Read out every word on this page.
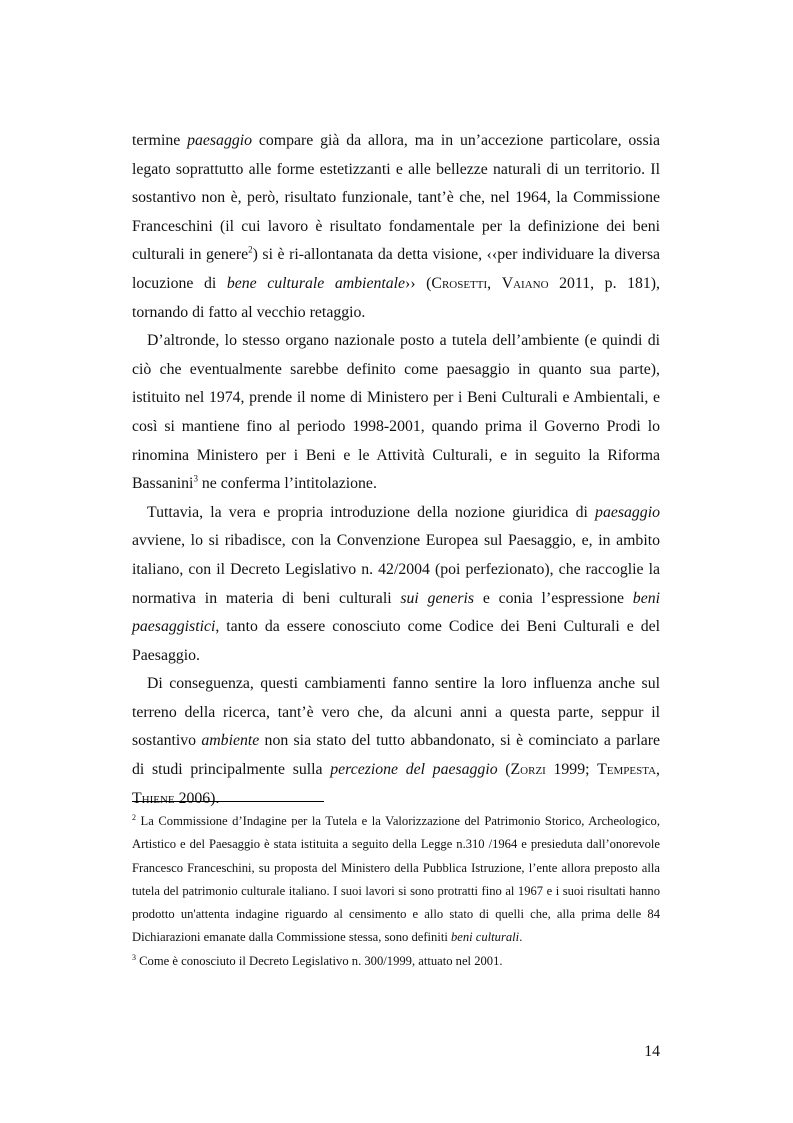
termine paesaggio compare già da allora, ma in un’accezione particolare, ossia legato soprattutto alle forme estetizzanti e alle bellezze naturali di un territorio. Il sostantivo non è, però, risultato funzionale, tant’è che, nel 1964, la Commissione Franceschini (il cui lavoro è risultato fondamentale per la definizione dei beni culturali in genere$^2$) si è ri-allontanata da detta visione, ‹‹per individuare la diversa locuzione di bene culturale ambientale›› (Crosetti, Vaiano 2011, p. 181), tornando di fatto al vecchio retaggio.

D’altronde, lo stesso organo nazionale posto a tutela dell’ambiente (e quindi di ciò che eventualmente sarebbe definito come paesaggio in quanto sua parte), istituito nel 1974, prende il nome di Ministero per i Beni Culturali e Ambientali, e così si mantiene fino al periodo 1998-2001, quando prima il Governo Prodi lo rinomina Ministero per i Beni e le Attività Culturali, e in seguito la Riforma Bassanini$^3$ ne conferma l’intitolazione.

Tuttavia, la vera e propria introduzione della nozione giuridica di paesaggio avviene, lo si ribadisce, con la Convenzione Europea sul Paesaggio, e, in ambito italiano, con il Decreto Legislativo n. 42/2004 (poi perfezionato), che raccoglie la normativa in materia di beni culturali sui generis e conia l’espressione beni paesaggistici, tanto da essere conosciuto come Codice dei Beni Culturali e del Paesaggio.

Di conseguenza, questi cambiamenti fanno sentire la loro influenza anche sul terreno della ricerca, tant’è vero che, da alcuni anni a questa parte, seppur il sostantivo ambiente non sia stato del tutto abbandonato, si è cominciato a parlare di studi principalmente sulla percezione del paesaggio (Zorzi 1999; Tempesta, Thiene 2006).

$^2$ La Commissione d’Indagine per la Tutela e la Valorizzazione del Patrimonio Storico, Archeologico, Artistico e del Paesaggio è stata istituita a seguito della Legge n.310 /1964 e presieduta dall’onorevole Francesco Franceschini, su proposta del Ministero della Pubblica Istruzione, l’ente allora preposto alla tutela del patrimonio culturale italiano. I suoi lavori si sono protratti fino al 1967 e i suoi risultati hanno prodotto un'attenta indagine riguardo al censimento e allo stato di quelli che, alla prima delle 84 Dichiarazioni emanate dalla Commissione stessa, sono definiti beni culturali.

$^3$ Come è conosciuto il Decreto Legislativo n. 300/1999, attuato nel 2001.

14
